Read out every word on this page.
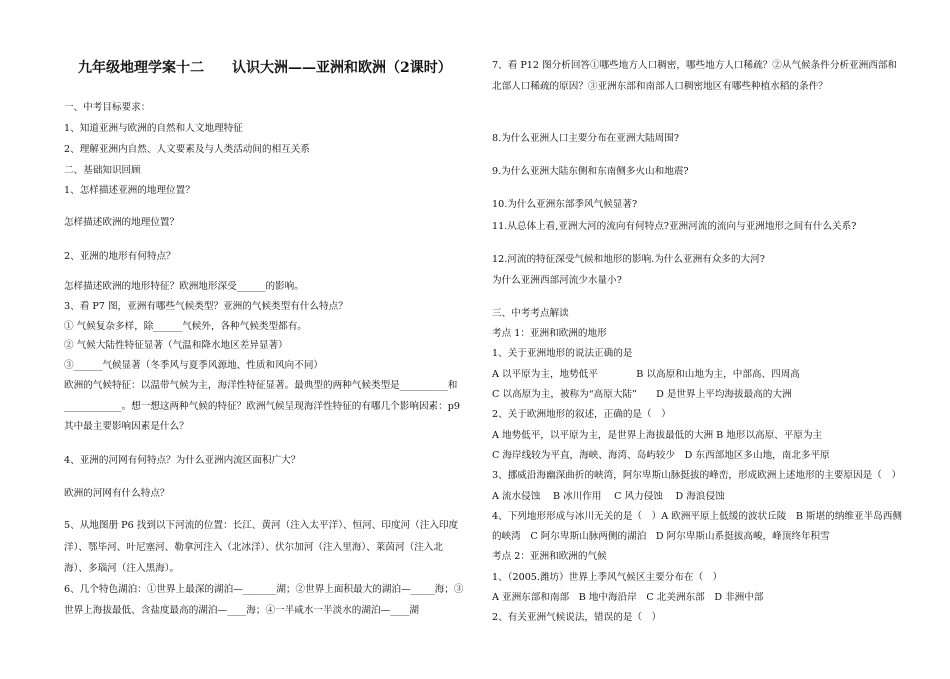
九年级地理学案十二　　认识大洲——亚洲和欧洲（2课时）
一、中考目标要求：
1、知道亚洲与欧洲的自然和人文地理特征
2、理解亚洲内自然、人文要素及与人类活动间的相互关系
二、基础知识回顾
1、怎样描述亚洲的地理位置？
怎样描述欧洲的地理位置？
2、亚洲的地形有何特点？
怎样描述欧洲的地形特征？欧洲地形深受______的影响。
3、看 P7 图，亚洲有哪些气候类型？亚洲的气候类型有什么特点？
① 气候复杂多样，除______气候外，各种气候类型都有。
② 气候大陆性特征显著（气温和降水地区差异显著）
③______气候显著（冬季风与夏季风源地、性质和风向不同）
欧洲的气候特征：以温带气候为主，海洋性特征显著。最典型的两种气候类型是__________和
____________。想一想这两种气候的特征？欧洲气候呈现海洋性特征的有哪几个影响因素：p9
其中最主要影响因素是什么？
4、亚洲的河网有何特点？为什么亚洲内流区面积广大？
欧洲的河网有什么特点？
5、从地图册 P6 找到以下河流的位置：长江、黄河（注入太平洋）、恒河、印度河（注入印度
洋）、鄂毕河、叶尼塞河、勒拿河注入（北冰洋）、伏尔加河（注入里海）、莱茵河（注入北
海）、多瑙河（注入黑海）。
6、几个特色湖泊：①世界上最深的湖泊—_______湖；②世界上面积最大的湖泊—_____海；③
世界上海拔最低、含盐度最高的湖泊—____海；④一半咸水一半淡水的湖泊—____湖
7、看 P12 图分析回答①哪些地方人口稠密，哪些地方人口稀疏？②从气候条件分析亚洲西部和
北部人口稀疏的原因？③亚洲东部和南部人口稠密地区有哪些种植水稻的条件？
8.为什么亚洲人口主要分布在亚洲大陆周围?
9.为什么亚洲大陆东侧和东南侧多火山和地震?
10.为什么亚洲东部季风气候显著?
11.从总体上看,亚洲大河的流向有何特点?亚洲河流的流向与亚洲地形之间有什么关系?
12.河流的特征深受气候和地形的影响.为什么亚洲有众多的大河?
为什么亚洲西部河流少水量小?
三、中考考点解读
考点 1：亚洲和欧洲的地形
1、关于亚洲地形的说法正确的是
A 以平原为主，地势低平　　　　B 以高原和山地为主，中部高、四周高
C 以高原为主，被称为“高原大陆”　　D 是世界上平均海拔最高的大洲
2、关于欧洲地形的叙述，正确的是（　）
A 地势低平，以平原为主，是世界上海拔最低的大洲 B 地形以高原、平原为主
C 海岸线较为平直，海峡、海湾、岛屿较少　D 东西部地区多山地，南北多平原
3、挪威沿海幽深曲折的峡湾，阿尔卑斯山脉挺拔的峰峦，形成欧洲上述地形的主要原因是（　）
A 流水侵蚀　 B 冰川作用　 C 风力侵蚀　 D 海浪侵蚀
4、下列地形形成与冰川无关的是（　）A 欧洲平原上低缓的波状丘陵　B 斯堪的纳维亚半岛西侧
的峡湾　C 阿尔卑斯山脉两侧的湖泊　D 阿尔卑斯山系挺拔高峻，峰顶终年积雪
考点 2：亚洲和欧洲的气候
1、（2005.潍坊）世界上季风气候区主要分布在（　）
A 亚洲东部和南部　B 地中海沿岸　C 北美洲东部　D 非洲中部
2、有关亚洲气候说法，错误的是（　）
